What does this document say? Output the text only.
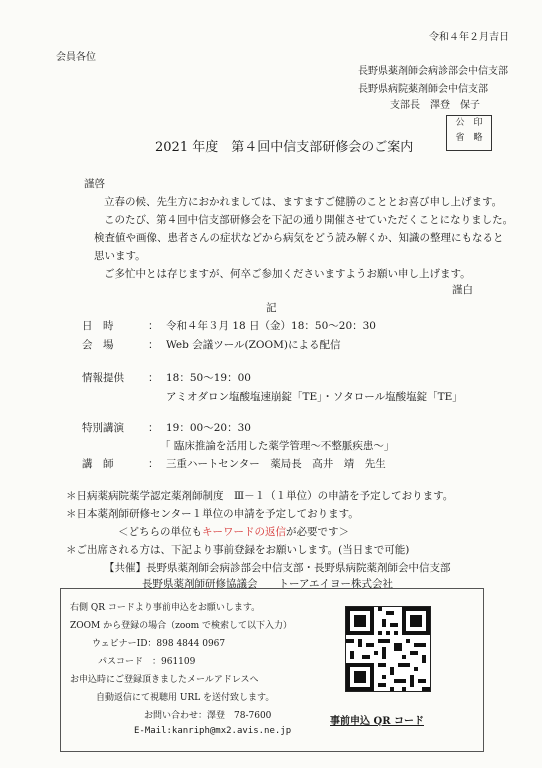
令和４年２月吉日
会員各位
長野県薬剤師会病診部会中信支部
長野県病院薬剤師会中信支部
支部長　澤登　保子
公　印
省　略
2021 年度　第４回中信支部研修会のご案内
謹啓
立春の候、先生方におかれましては、ますますご健勝のこととお喜び申し上げます。
このたび、第４回中信支部研修会を下記の通り開催させていただくことになりました。
検査値や画像、患者さんの症状などから病気をどう読み解くか、知識の整理にもなると
思います。
ご多忙中とは存じますが、何卒ご参加くださいますようお願い申し上げます。
謹白
記
日　時	： 令和４年３月 18 日（金）18：50～20：30
会　場	： Web 会議ツール(ZOOM)による配信
情報提供 ： 18：50～19：00
アミオダロン塩酸塩速崩錠「TE」・ソタロール塩酸塩錠「TE」
特別講演 ： 19：00～20：30
「 臨床推論を活用した薬学管理～不整脈疾患～」
講　師	： 三重ハートセンター　薬局長　高井　靖　先生
＊日病薬病院薬学認定薬剤師制度　Ⅲ－１（１単位）の申請を予定しております。
＊日本薬剤師研修センター１単位の申請を予定しております。
＜どちらの単位もキーワードの返信が必要です＞
＊ご出席される方は、下記より事前登録をお願いします。(当日まで可能)
【共催】長野県薬剤師会病診部会中信支部・長野県病院薬剤師会中信支部
長野県薬剤師研修協議会　　トーアエイヨー株式会社
右側 QR コードより事前申込をお願いします。
ZOOM から登録の場合（zoom で検索して以下入力）
ウェビナーID：898 4844 0967
パスコード　：961109
お申込時にご登録頂きましたメールアドレスへ
自動返信にて視聴用 URL を送付致します。
お問い合わせ：澤登　78-7600
E-Mail:kanriph@mx2.avis.ne.jp
事前申込 QR コード
